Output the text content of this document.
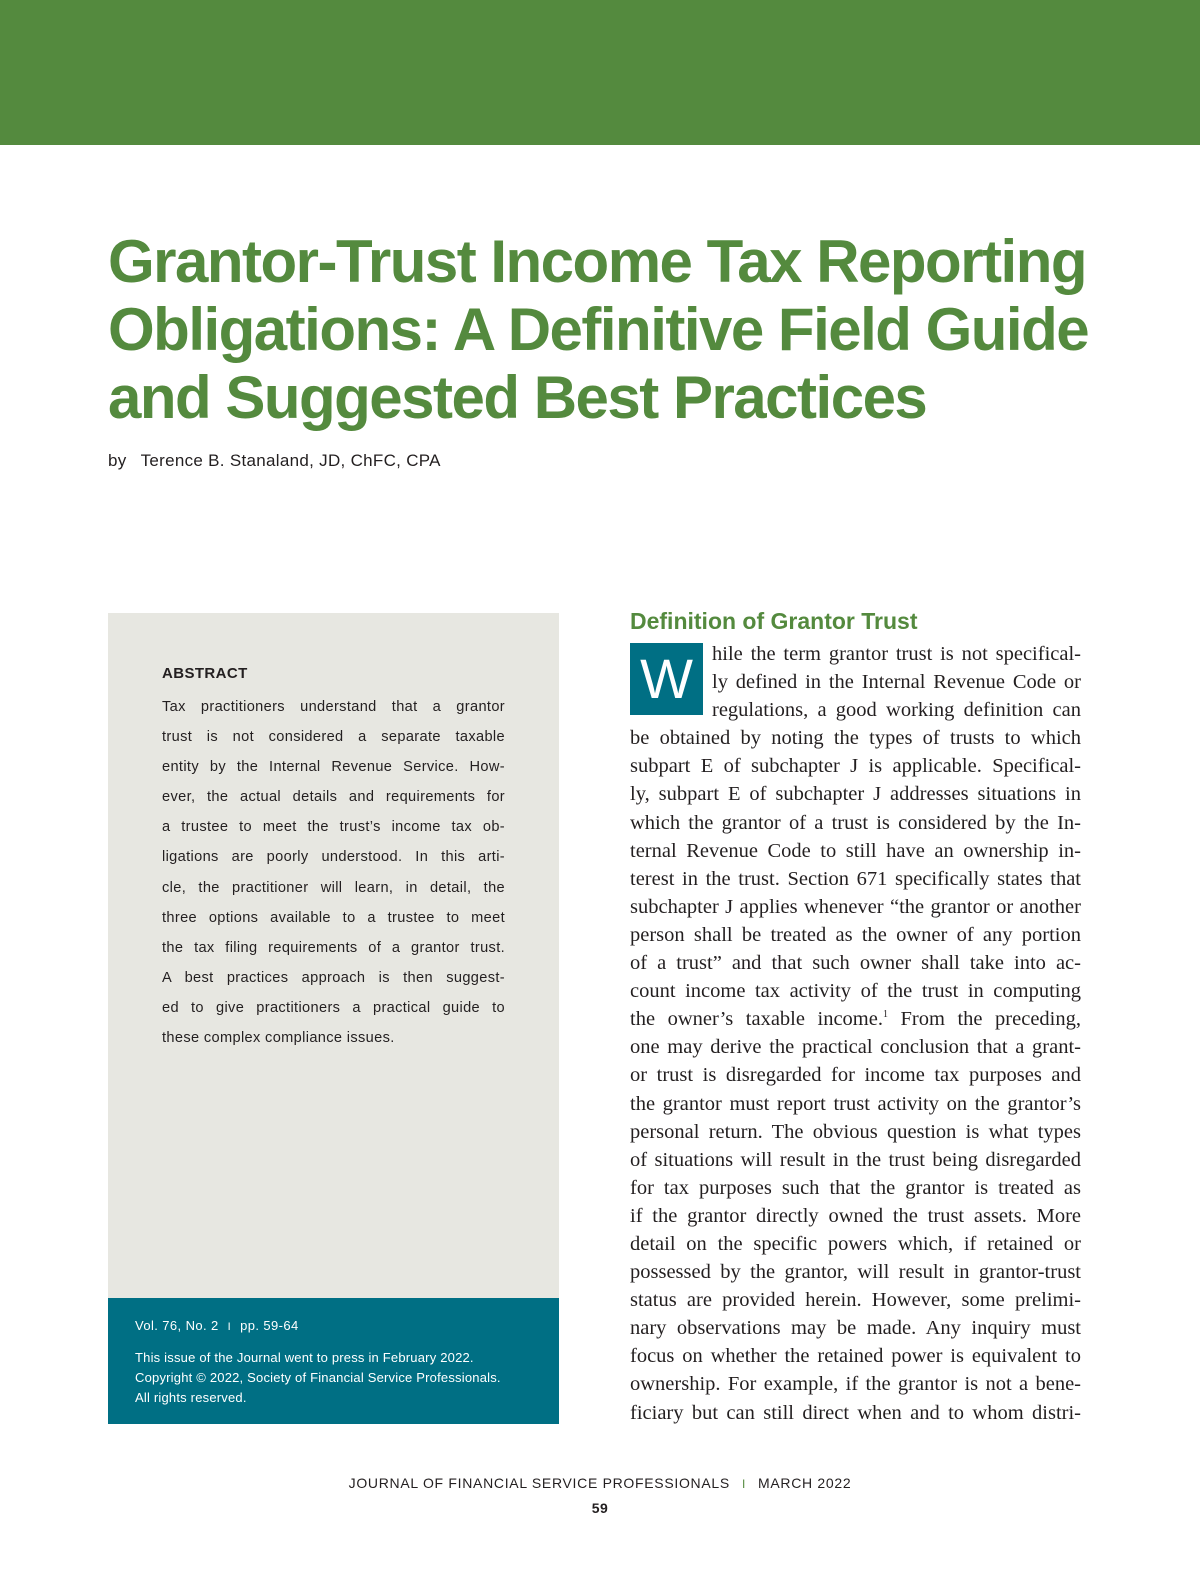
Grantor-Trust Income Tax Reporting
Obligations: A Definitive Field Guide
and Suggested Best Practices
by Terence B. Stanaland, JD, ChFC, CPA
ABSTRACT

Tax practitioners understand that a grantor
trust is not considered a separate taxable
entity by the Internal Revenue Service. How-
ever, the actual details and requirements for
a trustee to meet the trust’s income tax ob-
ligations are poorly understood. In this arti-
cle, the practitioner will learn, in detail, the
three options available to a trustee to meet
the tax filing requirements of a grantor trust.
A best practices approach is then suggest-
ed to give practitioners a practical guide to
these complex compliance issues.

Vol. 76, No. 2 I pp. 59-64

This issue of the Journal went to press in February 2022.
Copyright © 2022, Society of Financial Service Professionals.
All rights reserved.

Definition of Grantor Trust
W hile the term grantor trust is not specifical-
ly defined in the Internal Revenue Code or
regulations, a good working definition can
be obtained by noting the types of trusts to which
subpart E of subchapter J is applicable. Specifical-
ly, subpart E of subchapter J addresses situations in
which the grantor of a trust is considered by the In-
ternal Revenue Code to still have an ownership in-
terest in the trust. Section 671 specifically states that
subchapter J applies whenever “the grantor or another
person shall be treated as the owner of any portion
of a trust” and that such owner shall take into ac-
count income tax activity of the trust in computing
the owner’s taxable income.$^1$ From the preceding,
one may derive the practical conclusion that a grant-
or trust is disregarded for income tax purposes and
the grantor must report trust activity on the grantor’s
personal return. The obvious question is what types
of situations will result in the trust being disregarded
for tax purposes such that the grantor is treated as
if the grantor directly owned the trust assets. More
detail on the specific powers which, if retained or
possessed by the grantor, will result in grantor-trust
status are provided herein. However, some prelimi-
nary observations may be made. Any inquiry must
focus on whether the retained power is equivalent to
ownership. For example, if the grantor is not a bene-
ficiary but can still direct when and to whom distri-

JOURNAL OF FINANCIAL SERVICE PROFESSIONALS I MARCH 2022
59
